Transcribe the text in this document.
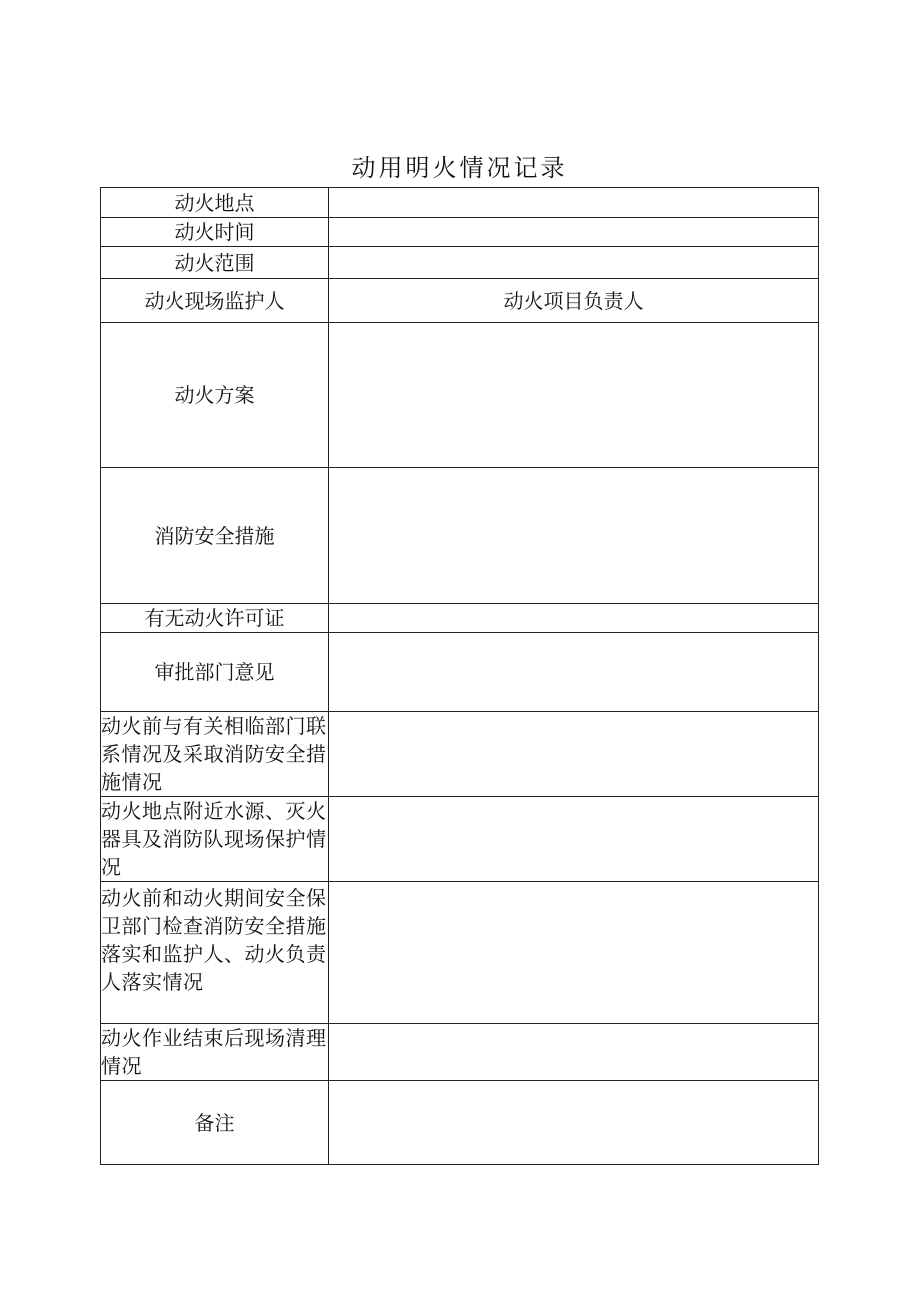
动用明火情况记录
动火地点	
动火时间	
动火范围	
动火现场监护人	动火项目负责人
动火方案	
消防安全措施	
有无动火许可证	
审批部门意见	
动火前与有关相临部门联系情况及采取消防安全措施情况	
动火地点附近水源、灭火器具及消防队现场保护情况	
动火前和动火期间安全保卫部门检查消防安全措施落实和监护人、动火负责人落实情况	
动火作业结束后现场清理情况	
备注	
